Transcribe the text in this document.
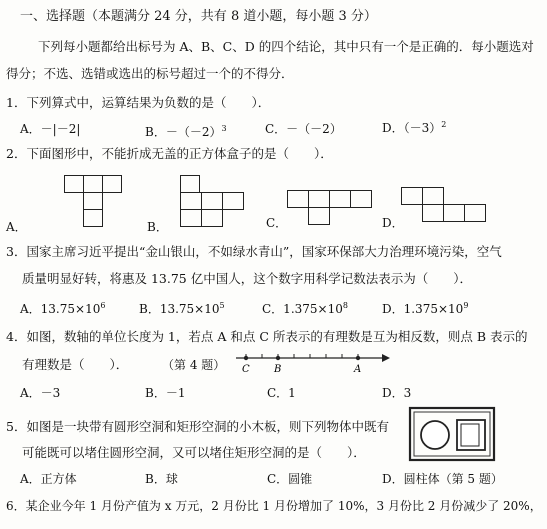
一、选择题（本题满分 24 分，共有 8 道小题，每小题 3 分）
下列每小题都给出标号为 A、B、C、D 的四个结论，其中只有一个是正确的．每小题选对
得分；不选、选错或选出的标号超过一个的不得分．
1．下列算式中，运算结果为负数的是（　　）．
A．－|－2|	B．$-(-2)^3$	C．－（－2）	D．$(-3)^2$
2．下面图形中，不能折成无盖的正方体盒子的是（　　）．
A．	B．	C．	D．
3．国家主席习近平提出“金山银山，不如绿水青山”，国家环保部大力治理环境污染，空气
质量明显好转，将惠及 13.75 亿中国人，这个数字用科学记数法表示为（　　）．
A．$13.75\times 10^6$	B．$13.75\times 10^5$	C．$1.375\times 10^8$	D．$1.375\times 10^9$
4．如图，数轴的单位长度为 1，若点 A 和点 C 所表示的有理数是互为相反数，则点 B 表示的
有理数是（　　）．	（第 4 题） C B	A
A．－3	B．－1	C．1	D．3
5．如图是一块带有圆形空洞和矩形空洞的小木板，则下列物体中既有
可能既可以堵住圆形空洞，又可以堵住矩形空洞的是（　　）．
A．正方体	B．球	C．圆锥	D．圆柱体（第 5 题）
6．某企业今年 1 月份产值为 x 万元，2 月份比 1 月份增加了 10%，3 月份比 2 月份减少了 20%，
